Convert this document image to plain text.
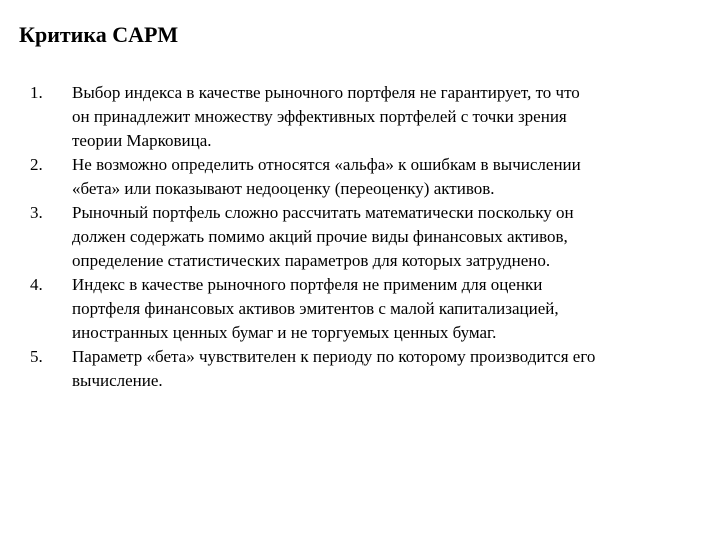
Критика CAPM
1.	Выбор индекса в качестве рыночного портфеля не гарантирует, то что
он принадлежит множеству эффективных портфелей с точки зрения
теории Марковица.
2.	Не возможно определить относятся «альфа» к ошибкам в вычислении
«бета» или показывают недооценку (переоценку) активов.
3.	Рыночный портфель сложно рассчитать математически поскольку он
должен содержать помимо акций прочие виды финансовых активов,
определение статистических параметров для которых затруднено.
4.	Индекс в качестве рыночного портфеля не применим для оценки
портфеля финансовых активов эмитентов с малой капитализацией,
иностранных ценных бумаг и не торгуемых ценных бумаг.
5.	Параметр «бета» чувствителен к периоду по которому производится его
вычисление.
